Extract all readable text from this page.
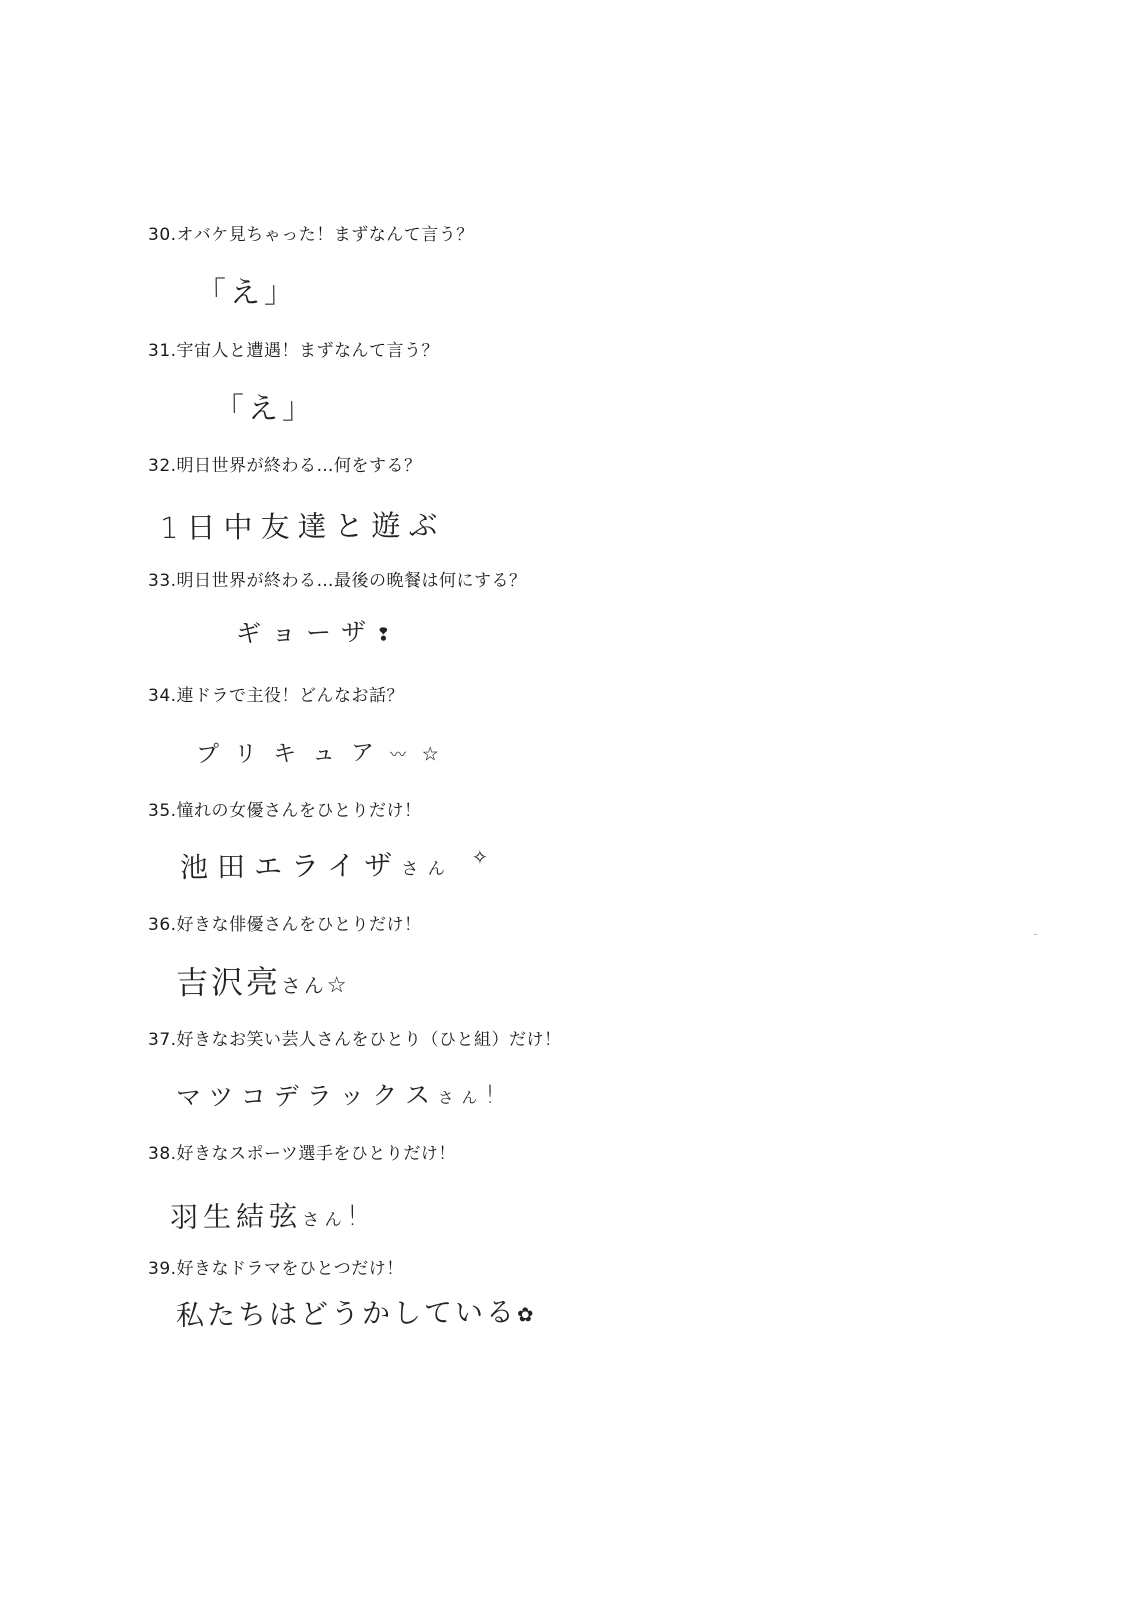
30.オバケ見ちゃった！まずなんて言う？
「え」
31.宇宙人と遭遇！まずなんて言う？
「え」
32.明日世界が終わる…何をする？
1日中友達と遊ぶ
33.明日世界が終わる…最後の晩餐は何にする？
ギョーザ❢
34.連ドラで主役！どんなお話？
プリキュア〰☆
35.憧れの女優さんをひとりだけ！
池田エライザさん ✧
36.好きな俳優さんをひとりだけ！
吉沢亮さん☆
37.好きなお笑い芸人さんをひとり（ひと組）だけ！
マツコデラックスさん!
38.好きなスポーツ選手をひとりだけ！
羽生結弦さん!
39.好きなドラマをひとつだけ！
私たちはどうかしている✿
